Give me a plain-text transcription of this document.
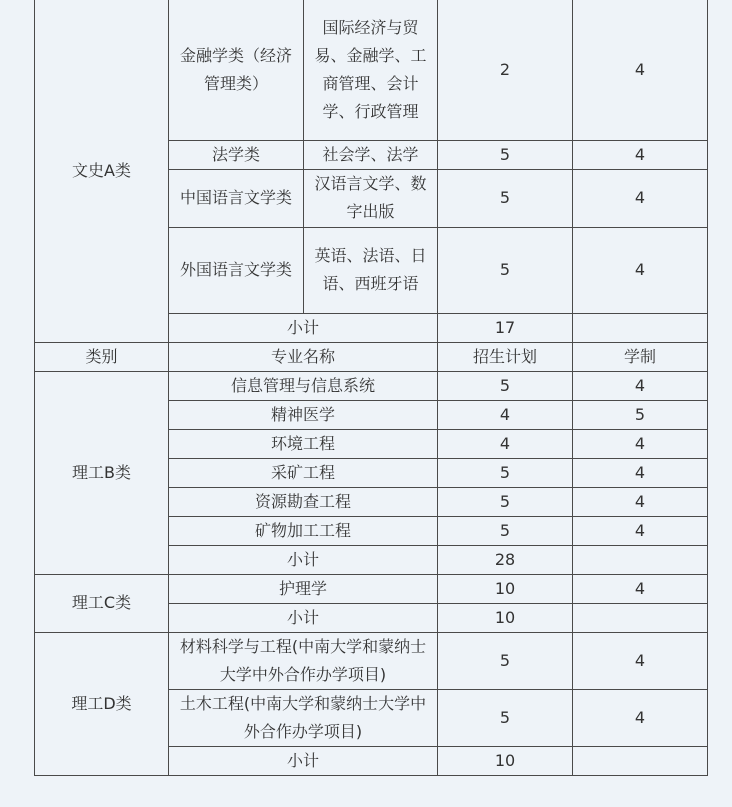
文史A类	金融学类（经济管理类）	国际经济与贸易、金融学、工商管理、会计学、行政管理	2	4
	法学类	社会学、法学	5	4
	中国语言文学类	汉语言文学、数字出版	5	4
	外国语言文学类	英语、法语、日语、西班牙语	5	4
	小计		17	
类别	专业名称		招生计划	学制
理工B类	信息管理与信息系统		5	4
	精神医学		4	5
	环境工程		4	4
	采矿工程		5	4
	资源勘查工程		5	4
	矿物加工工程		5	4
	小计		28	
理工C类	护理学		10	4
	小计		10	
理工D类	材料科学与工程(中南大学和蒙纳士大学中外合作办学项目)		5	4
	土木工程(中南大学和蒙纳士大学中外合作办学项目)		5	4
	小计		10	
